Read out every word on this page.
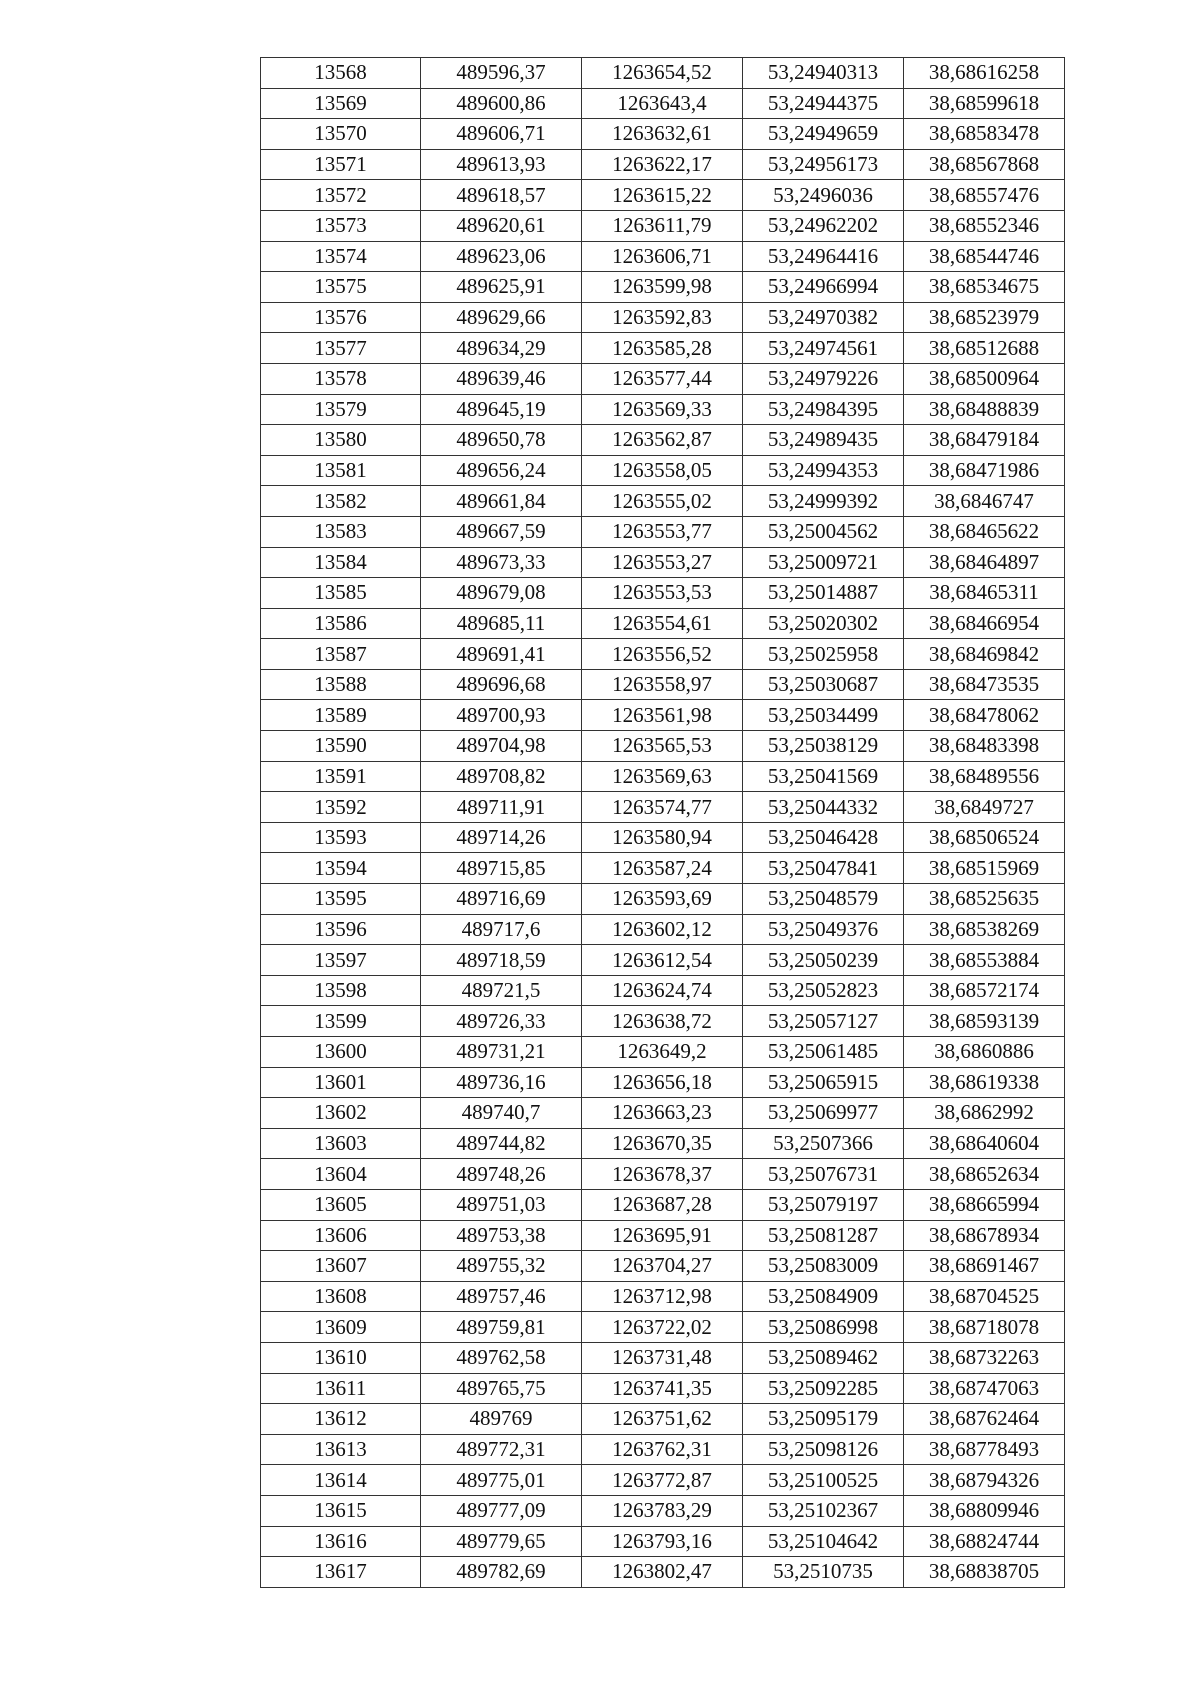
13568	489596,37	1263654,52	53,24940313	38,68616258
13569	489600,86	1263643,4	53,24944375	38,68599618
13570	489606,71	1263632,61	53,24949659	38,68583478
13571	489613,93	1263622,17	53,24956173	38,68567868
13572	489618,57	1263615,22	53,2496036	38,68557476
13573	489620,61	1263611,79	53,24962202	38,68552346
13574	489623,06	1263606,71	53,24964416	38,68544746
13575	489625,91	1263599,98	53,24966994	38,68534675
13576	489629,66	1263592,83	53,24970382	38,68523979
13577	489634,29	1263585,28	53,24974561	38,68512688
13578	489639,46	1263577,44	53,24979226	38,68500964
13579	489645,19	1263569,33	53,24984395	38,68488839
13580	489650,78	1263562,87	53,24989435	38,68479184
13581	489656,24	1263558,05	53,24994353	38,68471986
13582	489661,84	1263555,02	53,24999392	38,6846747
13583	489667,59	1263553,77	53,25004562	38,68465622
13584	489673,33	1263553,27	53,25009721	38,68464897
13585	489679,08	1263553,53	53,25014887	38,68465311
13586	489685,11	1263554,61	53,25020302	38,68466954
13587	489691,41	1263556,52	53,25025958	38,68469842
13588	489696,68	1263558,97	53,25030687	38,68473535
13589	489700,93	1263561,98	53,25034499	38,68478062
13590	489704,98	1263565,53	53,25038129	38,68483398
13591	489708,82	1263569,63	53,25041569	38,68489556
13592	489711,91	1263574,77	53,25044332	38,6849727
13593	489714,26	1263580,94	53,25046428	38,68506524
13594	489715,85	1263587,24	53,25047841	38,68515969
13595	489716,69	1263593,69	53,25048579	38,68525635
13596	489717,6	1263602,12	53,25049376	38,68538269
13597	489718,59	1263612,54	53,25050239	38,68553884
13598	489721,5	1263624,74	53,25052823	38,68572174
13599	489726,33	1263638,72	53,25057127	38,68593139
13600	489731,21	1263649,2	53,25061485	38,6860886
13601	489736,16	1263656,18	53,25065915	38,68619338
13602	489740,7	1263663,23	53,25069977	38,6862992
13603	489744,82	1263670,35	53,2507366	38,68640604
13604	489748,26	1263678,37	53,25076731	38,68652634
13605	489751,03	1263687,28	53,25079197	38,68665994
13606	489753,38	1263695,91	53,25081287	38,68678934
13607	489755,32	1263704,27	53,25083009	38,68691467
13608	489757,46	1263712,98	53,25084909	38,68704525
13609	489759,81	1263722,02	53,25086998	38,68718078
13610	489762,58	1263731,48	53,25089462	38,68732263
13611	489765,75	1263741,35	53,25092285	38,68747063
13612	489769	1263751,62	53,25095179	38,68762464
13613	489772,31	1263762,31	53,25098126	38,68778493
13614	489775,01	1263772,87	53,25100525	38,68794326
13615	489777,09	1263783,29	53,25102367	38,68809946
13616	489779,65	1263793,16	53,25104642	38,68824744
13617	489782,69	1263802,47	53,2510735	38,68838705
